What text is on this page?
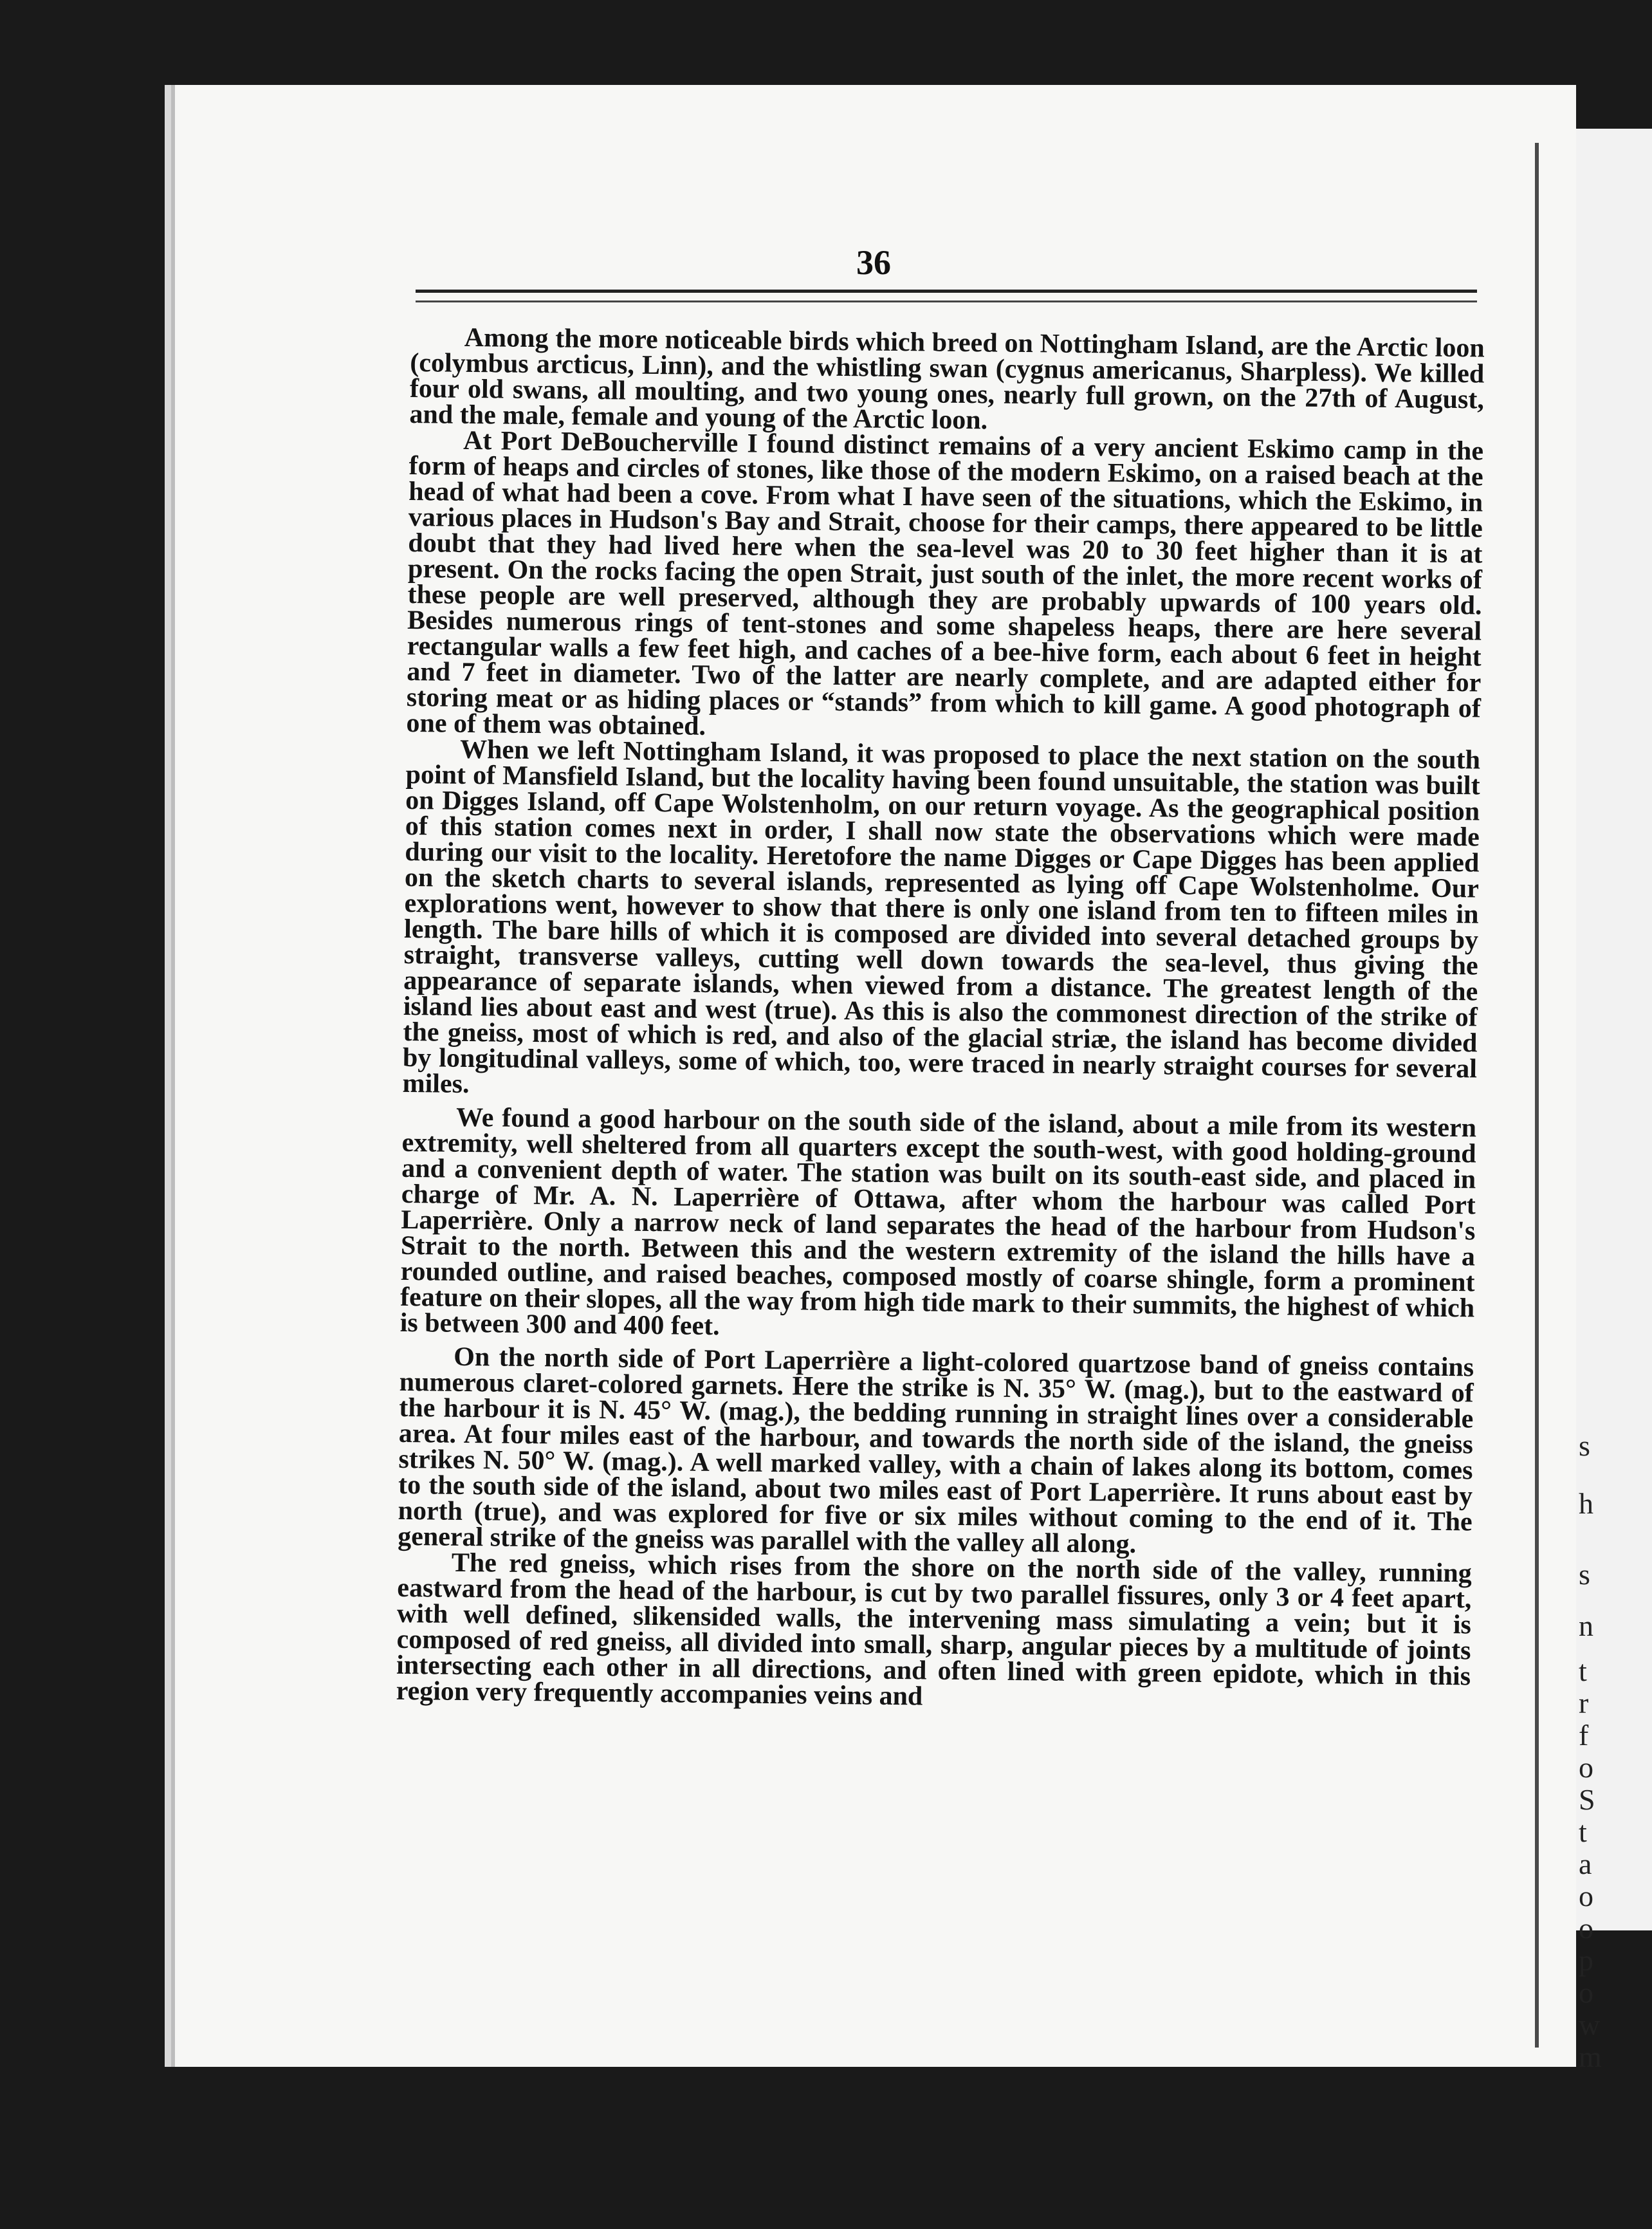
s
h
s
n
t
r
f
o
S
t
a
o
o
p
o
w
m
36

Among the more noticeable birds which breed on Nottingham Island, are the Arctic loon (colymbus arcticus, Linn), and the whistling swan (cygnus americanus, Sharpless). We killed four old swans, all moulting, and two young ones, nearly full grown, on the 27th of August, and the male, female and young of the Arctic loon.

At Port DeBoucherville I found distinct remains of a very ancient Eskimo camp in the form of heaps and circles of stones, like those of the modern Eskimo, on a raised beach at the head of what had been a cove. From what I have seen of the situations, which the Eskimo, in various places in Hudson's Bay and Strait, choose for their camps, there appeared to be little doubt that they had lived here when the sea-level was 20 to 30 feet higher than it is at present. On the rocks facing the open Strait, just south of the inlet, the more recent works of these people are well preserved, although they are probably upwards of 100 years old. Besides numerous rings of tent-stones and some shapeless heaps, there are here several rectangular walls a few feet high, and caches of a bee-hive form, each about 6 feet in height and 7 feet in diameter. Two of the latter are nearly complete, and are adapted either for storing meat or as hiding places or “stands” from which to kill game. A good photograph of one of them was obtained.

When we left Nottingham Island, it was proposed to place the next station on the south point of Mansfield Island, but the locality having been found unsuitable, the station was built on Digges Island, off Cape Wolstenholm, on our return voyage. As the geographical position of this station comes next in order, I shall now state the observations which were made during our visit to the locality. Heretofore the name Digges or Cape Digges has been applied on the sketch charts to several islands, represented as lying off Cape Wolstenholme. Our explorations went, however to show that there is only one island from ten to fifteen miles in length. The bare hills of which it is composed are divided into several detached groups by straight, transverse valleys, cutting well down towards the sea-level, thus giving the appearance of separate islands, when viewed from a distance. The greatest length of the island lies about east and west (true). As this is also the commonest direction of the strike of the gneiss, most of which is red, and also of the glacial striæ, the island has become divided by longitudinal valleys, some of which, too, were traced in nearly straight courses for several miles.

We found a good harbour on the south side of the island, about a mile from its western extremity, well sheltered from all quarters except the south-west, with good holding-ground and a convenient depth of water. The station was built on its south-east side, and placed in charge of Mr. A. N. Laperrière of Ottawa, after whom the harbour was called Port Laperrière. Only a narrow neck of land separates the head of the harbour from Hudson's Strait to the north. Between this and the western extremity of the island the hills have a rounded outline, and raised beaches, composed mostly of coarse shingle, form a prominent feature on their slopes, all the way from high tide mark to their summits, the highest of which is between 300 and 400 feet.

On the north side of Port Laperrière a light-colored quartzose band of gneiss contains numerous claret-colored garnets. Here the strike is N. 35° W. (mag.), but to the eastward of the harbour it is N. 45° W. (mag.), the bedding running in straight lines over a considerable area. At four miles east of the harbour, and towards the north side of the island, the gneiss strikes N. 50° W. (mag.). A well marked valley, with a chain of lakes along its bottom, comes to the south side of the island, about two miles east of Port Laperrière. It runs about east by north (true), and was explored for five or six miles without coming to the end of it. The general strike of the gneiss was parallel with the valley all along.

The red gneiss, which rises from the shore on the north side of the valley, running eastward from the head of the harbour, is cut by two parallel fissures, only 3 or 4 feet apart, with well defined, slikensided walls, the intervening mass simulating a vein; but it is composed of red gneiss, all divided into small, sharp, angular pieces by a multitude of joints intersecting each other in all directions, and often lined with green epidote, which in this region very frequently accompanies veins and
